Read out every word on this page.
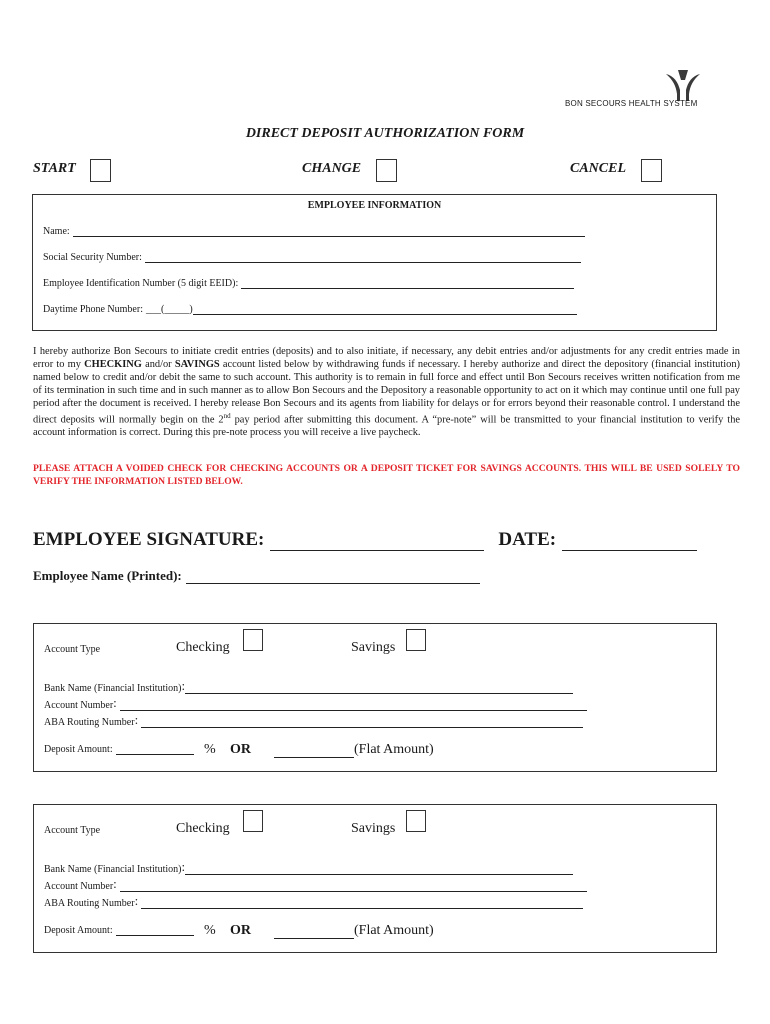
BON SECOURS HEALTH SYSTEM
DIRECT DEPOSIT AUTHORIZATION FORM
START	CHANGE	CANCEL
EMPLOYEE INFORMATION
Name:
Social Security Number:
Employee Identification Number (5 digit EEID):
Daytime Phone Number: ___( _____)
I hereby authorize Bon Secours to initiate credit entries (deposits) and to also initiate, if necessary, any debit entries and/or adjustments for any credit entries made in error to my CHECKING and/or SAVINGS account listed below by withdrawing funds if necessary. I hereby authorize and direct the depository (financial institution) named below to credit and/or debit the same to such account. This authority is to remain in full force and effect until Bon Secours receives written notification from me of its termination in such time and in such manner as to allow Bon Secours and the Depository a reasonable opportunity to act on it which may continue until one full pay period after the document is received. I hereby release Bon Secours and its agents from liability for delays or for errors beyond their reasonable control. I understand the direct deposits will normally begin on the 2nd pay period after submitting this document. A “pre-note” will be transmitted to your financial institution to verify the account information is correct. During this pre-note process you will receive a live paycheck.
PLEASE ATTACH A VOIDED CHECK FOR CHECKING ACCOUNTS OR A DEPOSIT TICKET FOR SAVINGS ACCOUNTS. THIS WILL BE USED SOLELY TO VERIFY THE INFORMATION LISTED BELOW.
EMPLOYEE SIGNATURE:	DATE:
Employee Name (Printed):
Account Type	Checking	Savings
Bank Name (Financial Institution) :
Account Number :
ABA Routing Number :
Deposit Amount:	% OR	(Flat Amount)
Account Type	Checking	Savings
Bank Name (Financial Institution) :
Account Number :
ABA Routing Number :
Deposit Amount:	% OR	(Flat Amount)
